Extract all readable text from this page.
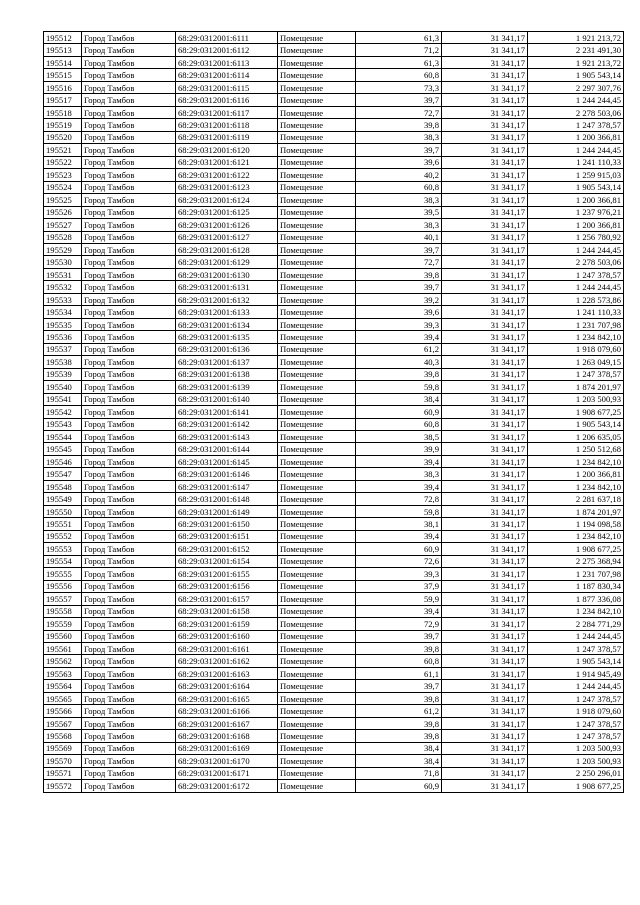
195512	Город Тамбов	68:29:0312001:6111	Помещение	61,3	31 341,17	1 921 213,72
195513	Город Тамбов	68:29:0312001:6112	Помещение	71,2	31 341,17	2 231 491,30
195514	Город Тамбов	68:29:0312001:6113	Помещение	61,3	31 341,17	1 921 213,72
195515	Город Тамбов	68:29:0312001:6114	Помещение	60,8	31 341,17	1 905 543,14
195516	Город Тамбов	68:29:0312001:6115	Помещение	73,3	31 341,17	2 297 307,76
195517	Город Тамбов	68:29:0312001:6116	Помещение	39,7	31 341,17	1 244 244,45
195518	Город Тамбов	68:29:0312001:6117	Помещение	72,7	31 341,17	2 278 503,06
195519	Город Тамбов	68:29:0312001:6118	Помещение	39,8	31 341,17	1 247 378,57
195520	Город Тамбов	68:29:0312001:6119	Помещение	38,3	31 341,17	1 200 366,81
195521	Город Тамбов	68:29:0312001:6120	Помещение	39,7	31 341,17	1 244 244,45
195522	Город Тамбов	68:29:0312001:6121	Помещение	39,6	31 341,17	1 241 110,33
195523	Город Тамбов	68:29:0312001:6122	Помещение	40,2	31 341,17	1 259 915,03
195524	Город Тамбов	68:29:0312001:6123	Помещение	60,8	31 341,17	1 905 543,14
195525	Город Тамбов	68:29:0312001:6124	Помещение	38,3	31 341,17	1 200 366,81
195526	Город Тамбов	68:29:0312001:6125	Помещение	39,5	31 341,17	1 237 976,21
195527	Город Тамбов	68:29:0312001:6126	Помещение	38,3	31 341,17	1 200 366,81
195528	Город Тамбов	68:29:0312001:6127	Помещение	40,1	31 341,17	1 256 780,92
195529	Город Тамбов	68:29:0312001:6128	Помещение	39,7	31 341,17	1 244 244,45
195530	Город Тамбов	68:29:0312001:6129	Помещение	72,7	31 341,17	2 278 503,06
195531	Город Тамбов	68:29:0312001:6130	Помещение	39,8	31 341,17	1 247 378,57
195532	Город Тамбов	68:29:0312001:6131	Помещение	39,7	31 341,17	1 244 244,45
195533	Город Тамбов	68:29:0312001:6132	Помещение	39,2	31 341,17	1 228 573,86
195534	Город Тамбов	68:29:0312001:6133	Помещение	39,6	31 341,17	1 241 110,33
195535	Город Тамбов	68:29:0312001:6134	Помещение	39,3	31 341,17	1 231 707,98
195536	Город Тамбов	68:29:0312001:6135	Помещение	39,4	31 341,17	1 234 842,10
195537	Город Тамбов	68:29:0312001:6136	Помещение	61,2	31 341,17	1 918 079,60
195538	Город Тамбов	68:29:0312001:6137	Помещение	40,3	31 341,17	1 263 049,15
195539	Город Тамбов	68:29:0312001:6138	Помещение	39,8	31 341,17	1 247 378,57
195540	Город Тамбов	68:29:0312001:6139	Помещение	59,8	31 341,17	1 874 201,97
195541	Город Тамбов	68:29:0312001:6140	Помещение	38,4	31 341,17	1 203 500,93
195542	Город Тамбов	68:29:0312001:6141	Помещение	60,9	31 341,17	1 908 677,25
195543	Город Тамбов	68:29:0312001:6142	Помещение	60,8	31 341,17	1 905 543,14
195544	Город Тамбов	68:29:0312001:6143	Помещение	38,5	31 341,17	1 206 635,05
195545	Город Тамбов	68:29:0312001:6144	Помещение	39,9	31 341,17	1 250 512,68
195546	Город Тамбов	68:29:0312001:6145	Помещение	39,4	31 341,17	1 234 842,10
195547	Город Тамбов	68:29:0312001:6146	Помещение	38,3	31 341,17	1 200 366,81
195548	Город Тамбов	68:29:0312001:6147	Помещение	39,4	31 341,17	1 234 842,10
195549	Город Тамбов	68:29:0312001:6148	Помещение	72,8	31 341,17	2 281 637,18
195550	Город Тамбов	68:29:0312001:6149	Помещение	59,8	31 341,17	1 874 201,97
195551	Город Тамбов	68:29:0312001:6150	Помещение	38,1	31 341,17	1 194 098,58
195552	Город Тамбов	68:29:0312001:6151	Помещение	39,4	31 341,17	1 234 842,10
195553	Город Тамбов	68:29:0312001:6152	Помещение	60,9	31 341,17	1 908 677,25
195554	Город Тамбов	68:29:0312001:6154	Помещение	72,6	31 341,17	2 275 368,94
195555	Город Тамбов	68:29:0312001:6155	Помещение	39,3	31 341,17	1 231 707,98
195556	Город Тамбов	68:29:0312001:6156	Помещение	37,9	31 341,17	1 187 830,34
195557	Город Тамбов	68:29:0312001:6157	Помещение	59,9	31 341,17	1 877 336,08
195558	Город Тамбов	68:29:0312001:6158	Помещение	39,4	31 341,17	1 234 842,10
195559	Город Тамбов	68:29:0312001:6159	Помещение	72,9	31 341,17	2 284 771,29
195560	Город Тамбов	68:29:0312001:6160	Помещение	39,7	31 341,17	1 244 244,45
195561	Город Тамбов	68:29:0312001:6161	Помещение	39,8	31 341,17	1 247 378,57
195562	Город Тамбов	68:29:0312001:6162	Помещение	60,8	31 341,17	1 905 543,14
195563	Город Тамбов	68:29:0312001:6163	Помещение	61,1	31 341,17	1 914 945,49
195564	Город Тамбов	68:29:0312001:6164	Помещение	39,7	31 341,17	1 244 244,45
195565	Город Тамбов	68:29:0312001:6165	Помещение	39,8	31 341,17	1 247 378,57
195566	Город Тамбов	68:29:0312001:6166	Помещение	61,2	31 341,17	1 918 079,60
195567	Город Тамбов	68:29:0312001:6167	Помещение	39,8	31 341,17	1 247 378,57
195568	Город Тамбов	68:29:0312001:6168	Помещение	39,8	31 341,17	1 247 378,57
195569	Город Тамбов	68:29:0312001:6169	Помещение	38,4	31 341,17	1 203 500,93
195570	Город Тамбов	68:29:0312001:6170	Помещение	38,4	31 341,17	1 203 500,93
195571	Город Тамбов	68:29:0312001:6171	Помещение	71,8	31 341,17	2 250 296,01
195572	Город Тамбов	68:29:0312001:6172	Помещение	60,9	31 341,17	1 908 677,25
